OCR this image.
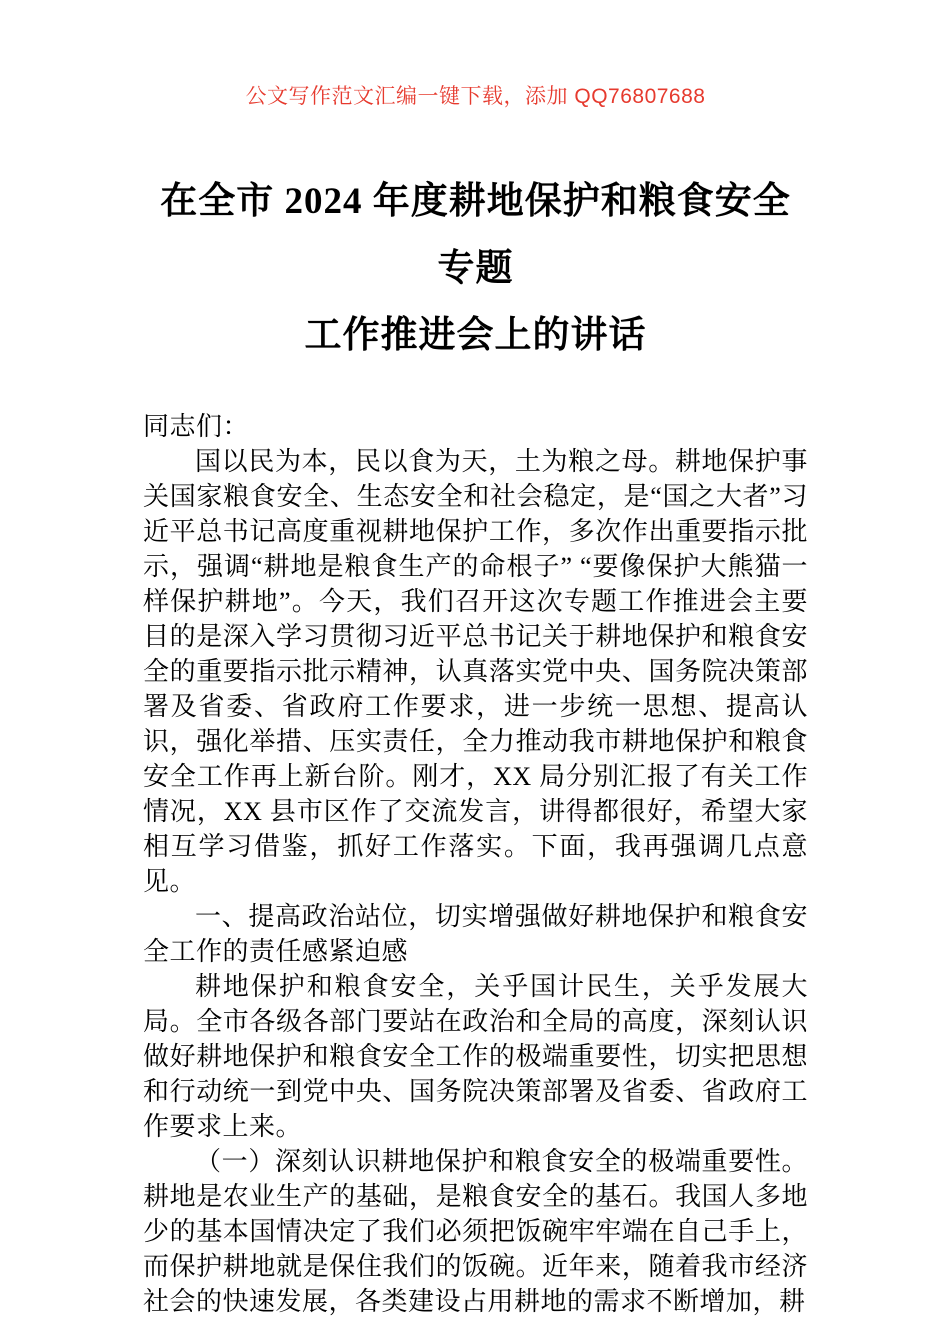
公文写作范文汇编一键下载，添加 QQ76807688
在全市 2024 年度耕地保护和粮食安全专题
工作推进会上的讲话

同志们：

国以民为本，民以食为天，土为粮之母。耕地保护事关国家粮食安全、生态安全和社会稳定，是“国之大者”习近平总书记高度重视耕地保护工作，多次作出重要指示批示，强调“耕地是粮食生产的命根子” “要像保护大熊猫一样保护耕地”。今天，我们召开这次专题工作推进会主要目的是深入学习贯彻习近平总书记关于耕地保护和粮食安全的重要指示批示精神，认真落实党中央、国务院决策部署及省委、省政府工作要求，进一步统一思想、提高认识，强化举措、压实责任，全力推动我市耕地保护和粮食安全工作再上新台阶。刚才，XX 局分别汇报了有关工作情况，XX 县市区作了交流发言，讲得都很好，希望大家相互学习借鉴，抓好工作落实。下面，我再强调几点意见。

一、提高政治站位，切实增强做好耕地保护和粮食安全工作的责任感紧迫感

耕地保护和粮食安全，关乎国计民生，关乎发展大局。全市各级各部门要站在政治和全局的高度，深刻认识做好耕地保护和粮食安全工作的极端重要性，切实把思想和行动统一到党中央、国务院决策部署及省委、省政府工作要求上来。

（一）深刻认识耕地保护和粮食安全的极端重要性。耕地是农业生产的基础，是粮食安全的基石。我国人多地少的基本国情决定了我们必须把饭碗牢牢端在自己手上，而保护耕地就是保住我们的饭碗。近年来，随着我市经济社会的快速发展，各类建设占用耕地的需求不断增加，耕
